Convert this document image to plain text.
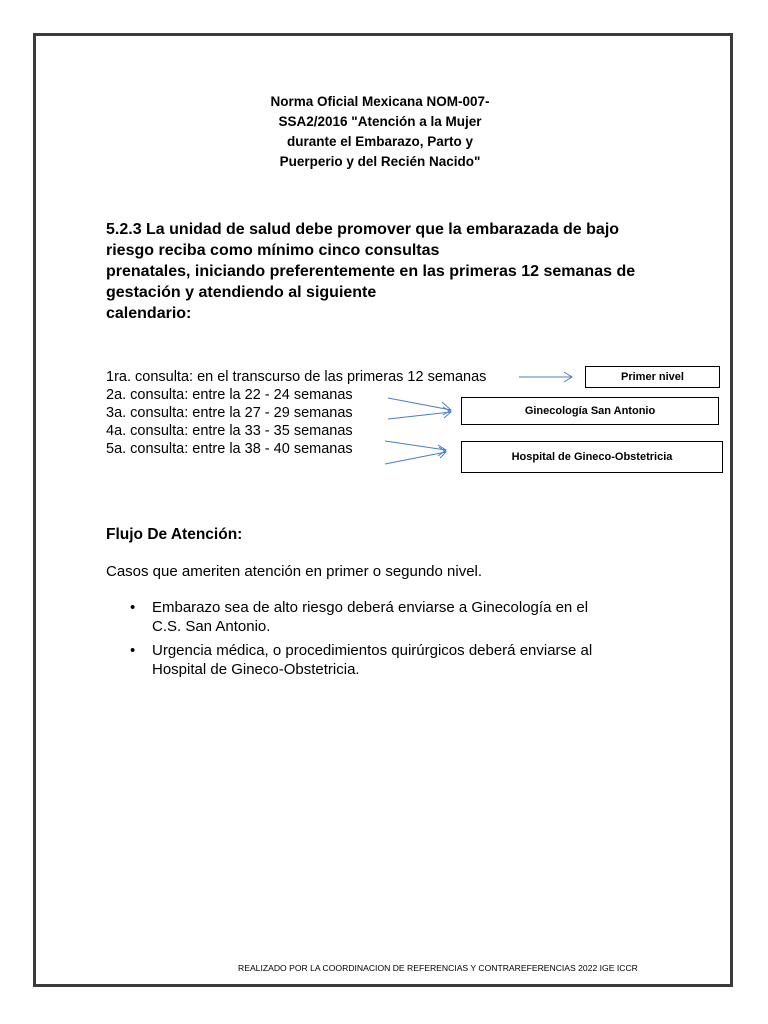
Norma Oficial Mexicana NOM-007-
SSA2/2016 "Atención a la Mujer
durante el Embarazo, Parto y
Puerperio y del Recién Nacido"
5.2.3 La unidad de salud debe promover que la embarazada de bajo
riesgo reciba como mínimo cinco consultas
prenatales, iniciando preferentemente en las primeras 12 semanas de
gestación y atendiendo al siguiente
calendario:
1ra. consulta: en el transcurso de las primeras 12 semanas
2a. consulta: entre la 22 - 24 semanas
3a. consulta: entre la 27 - 29 semanas
4a. consulta: entre la 33 - 35 semanas
5a. consulta: entre la 38 - 40 semanas
Primer nivel
Ginecología San Antonio
Hospital de Gineco-Obstetricia
Flujo De Atención:
Casos que ameriten atención en primer o segundo nivel.
• Embarazo sea de alto riesgo deberá enviarse a Ginecología en el
C.S. San Antonio.
• Urgencia médica, o procedimientos quirúrgicos deberá enviarse al
Hospital de Gineco-Obstetricia.
REALIZADO POR LA COORDINACION DE REFERENCIAS Y CONTRAREFERENCIAS 2022 IGE ICCR
